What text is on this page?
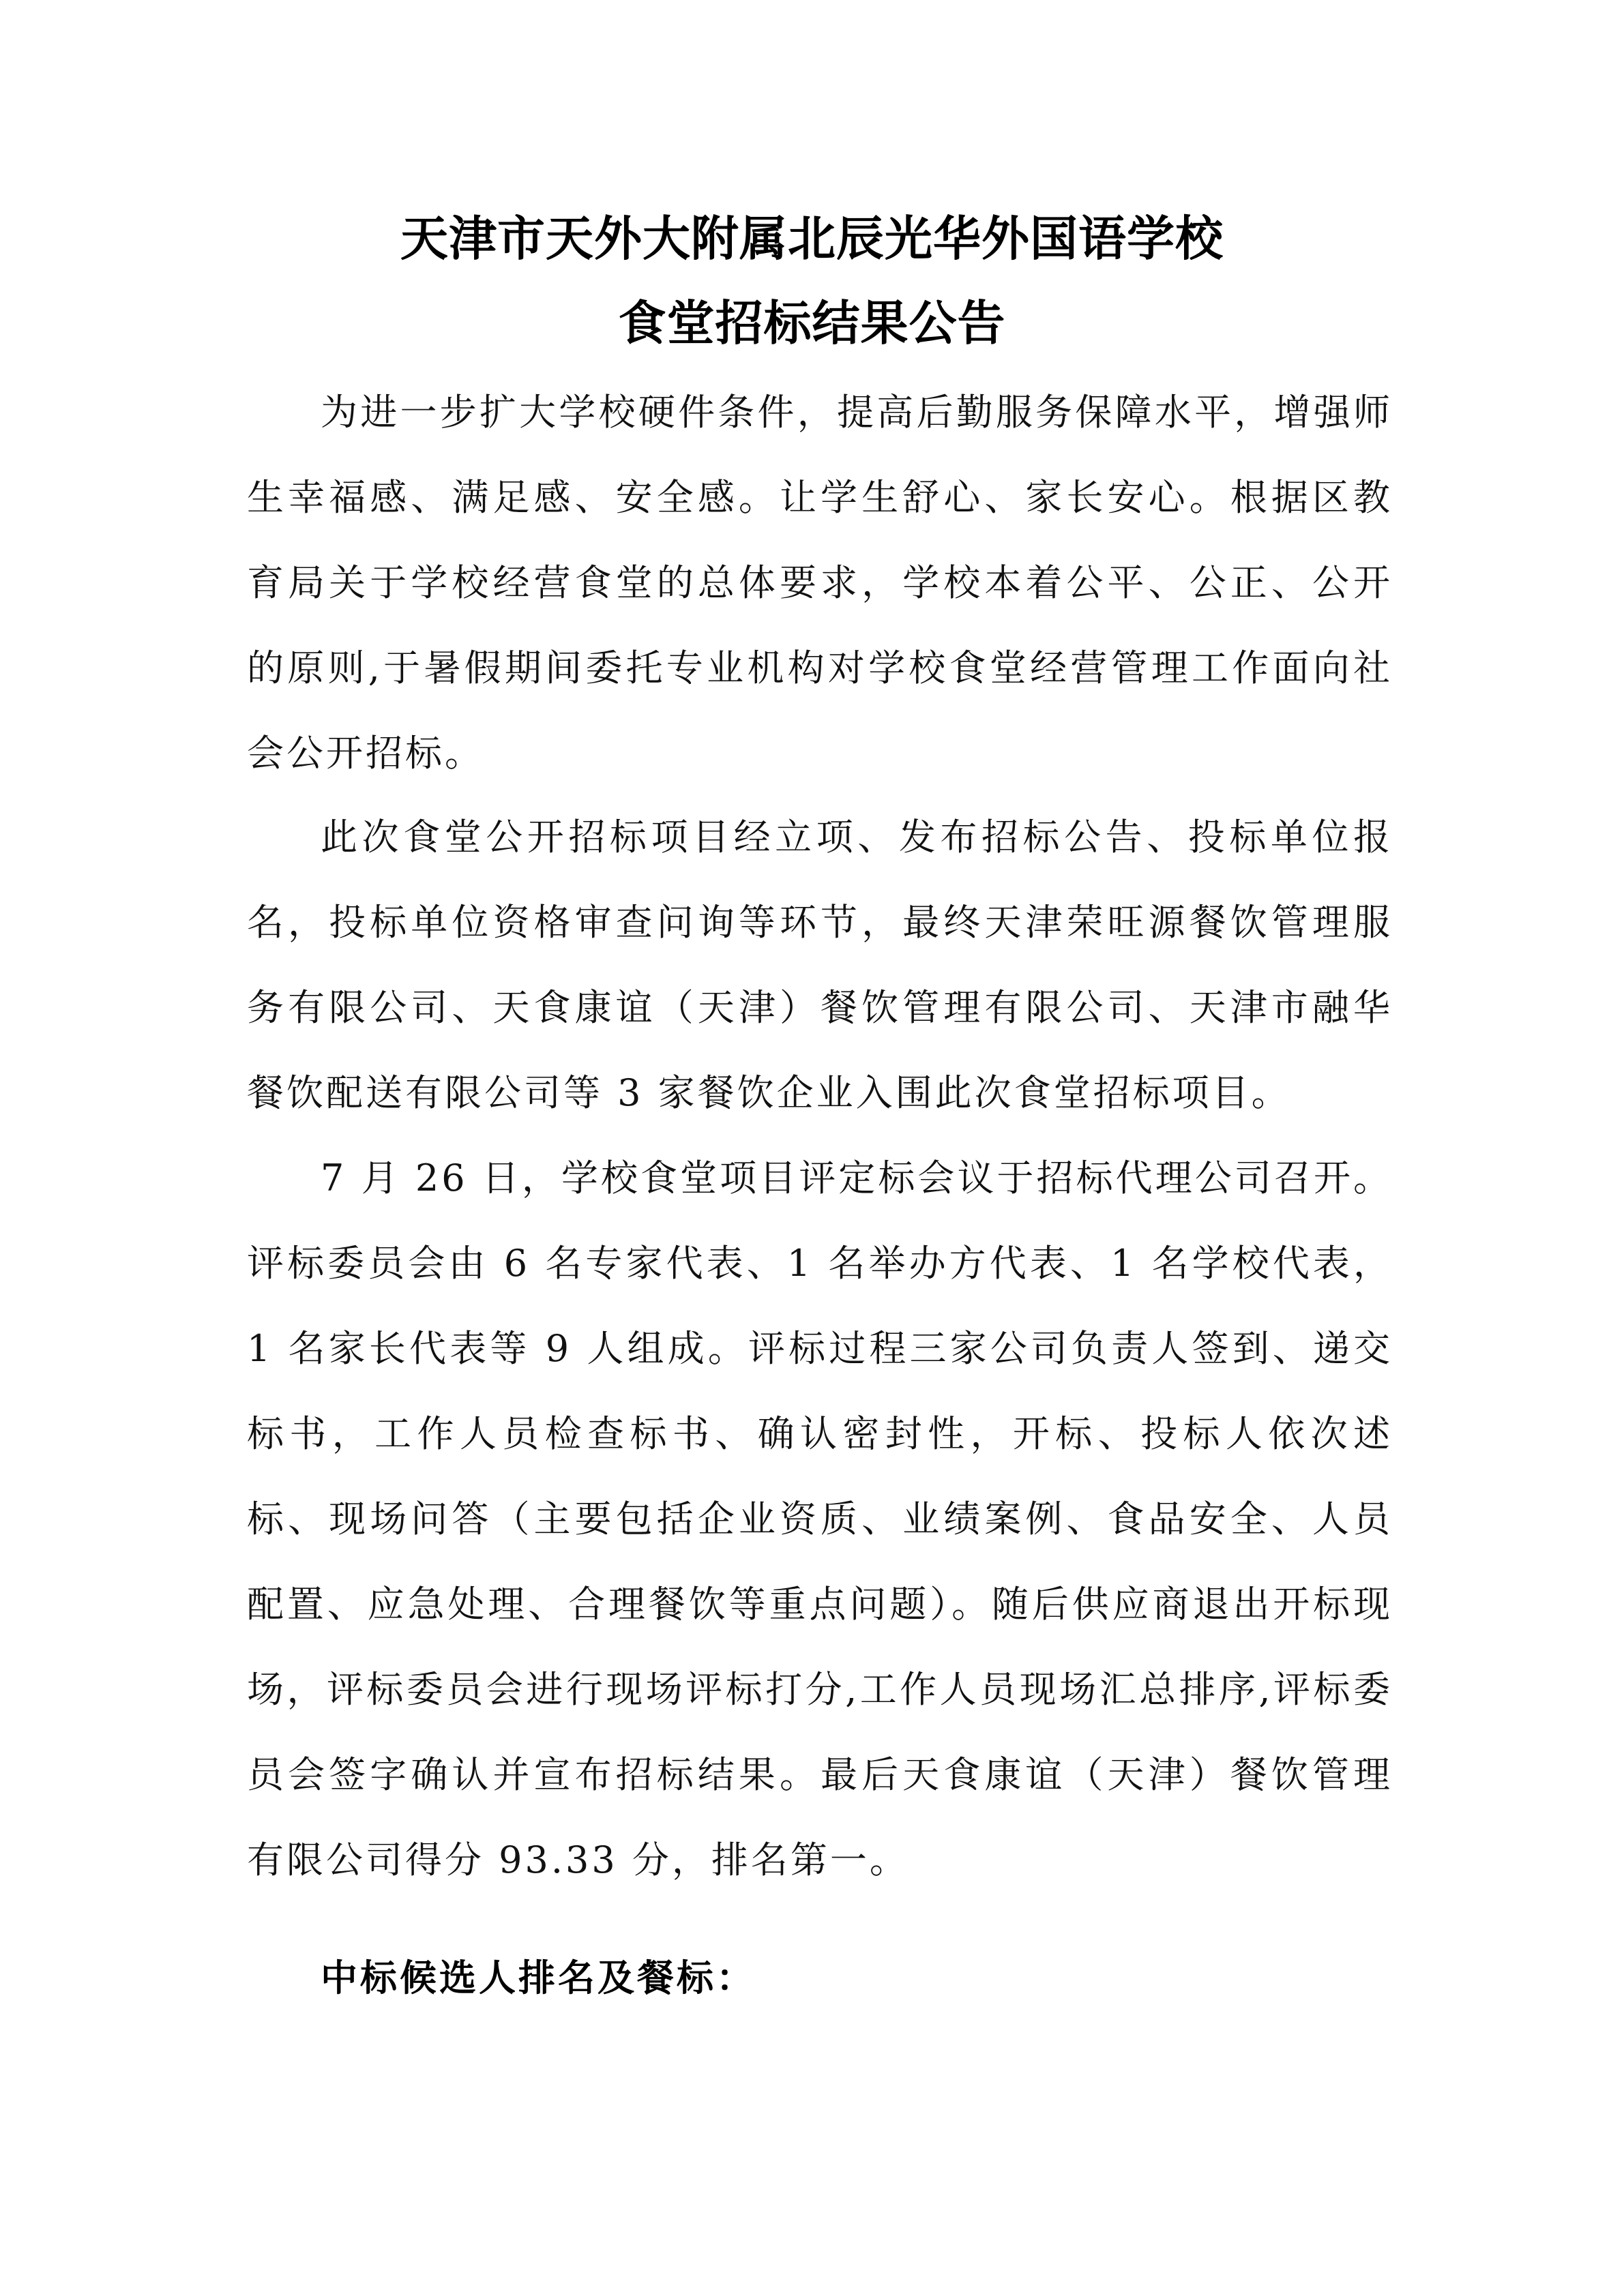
天津市天外大附属北辰光华外国语学校
食堂招标结果公告

为进一步扩大学校硬件条件，提高后勤服务保障水平，增强师生幸福感、满足感、安全感。让学生舒心、家长安心。根据区教育局关于学校经营食堂的总体要求，学校本着公平、公正、公开的原则,于暑假期间委托专业机构对学校食堂经营管理工作面向社会公开招标。

此次食堂公开招标项目经立项、发布招标公告、投标单位报名，投标单位资格审查问询等环节，最终天津荣旺源餐饮管理服务有限公司、天食康谊（天津）餐饮管理有限公司、天津市融华餐饮配送有限公司等 3 家餐饮企业入围此次食堂招标项目。

7 月 26 日，学校食堂项目评定标会议于招标代理公司召开。评标委员会由 6 名专家代表、1 名举办方代表、1 名学校代表，1 名家长代表等 9 人组成。评标过程三家公司负责人签到、递交标书，工作人员检查标书、确认密封性，开标、投标人依次述标、现场问答（主要包括企业资质、业绩案例、食品安全、人员配置、应急处理、合理餐饮等重点问题）。随后供应商退出开标现场，评标委员会进行现场评标打分,工作人员现场汇总排序,评标委员会签字确认并宣布招标结果。最后天食康谊（天津）餐饮管理有限公司得分 93.33 分，排名第一。

中标候选人排名及餐标：
